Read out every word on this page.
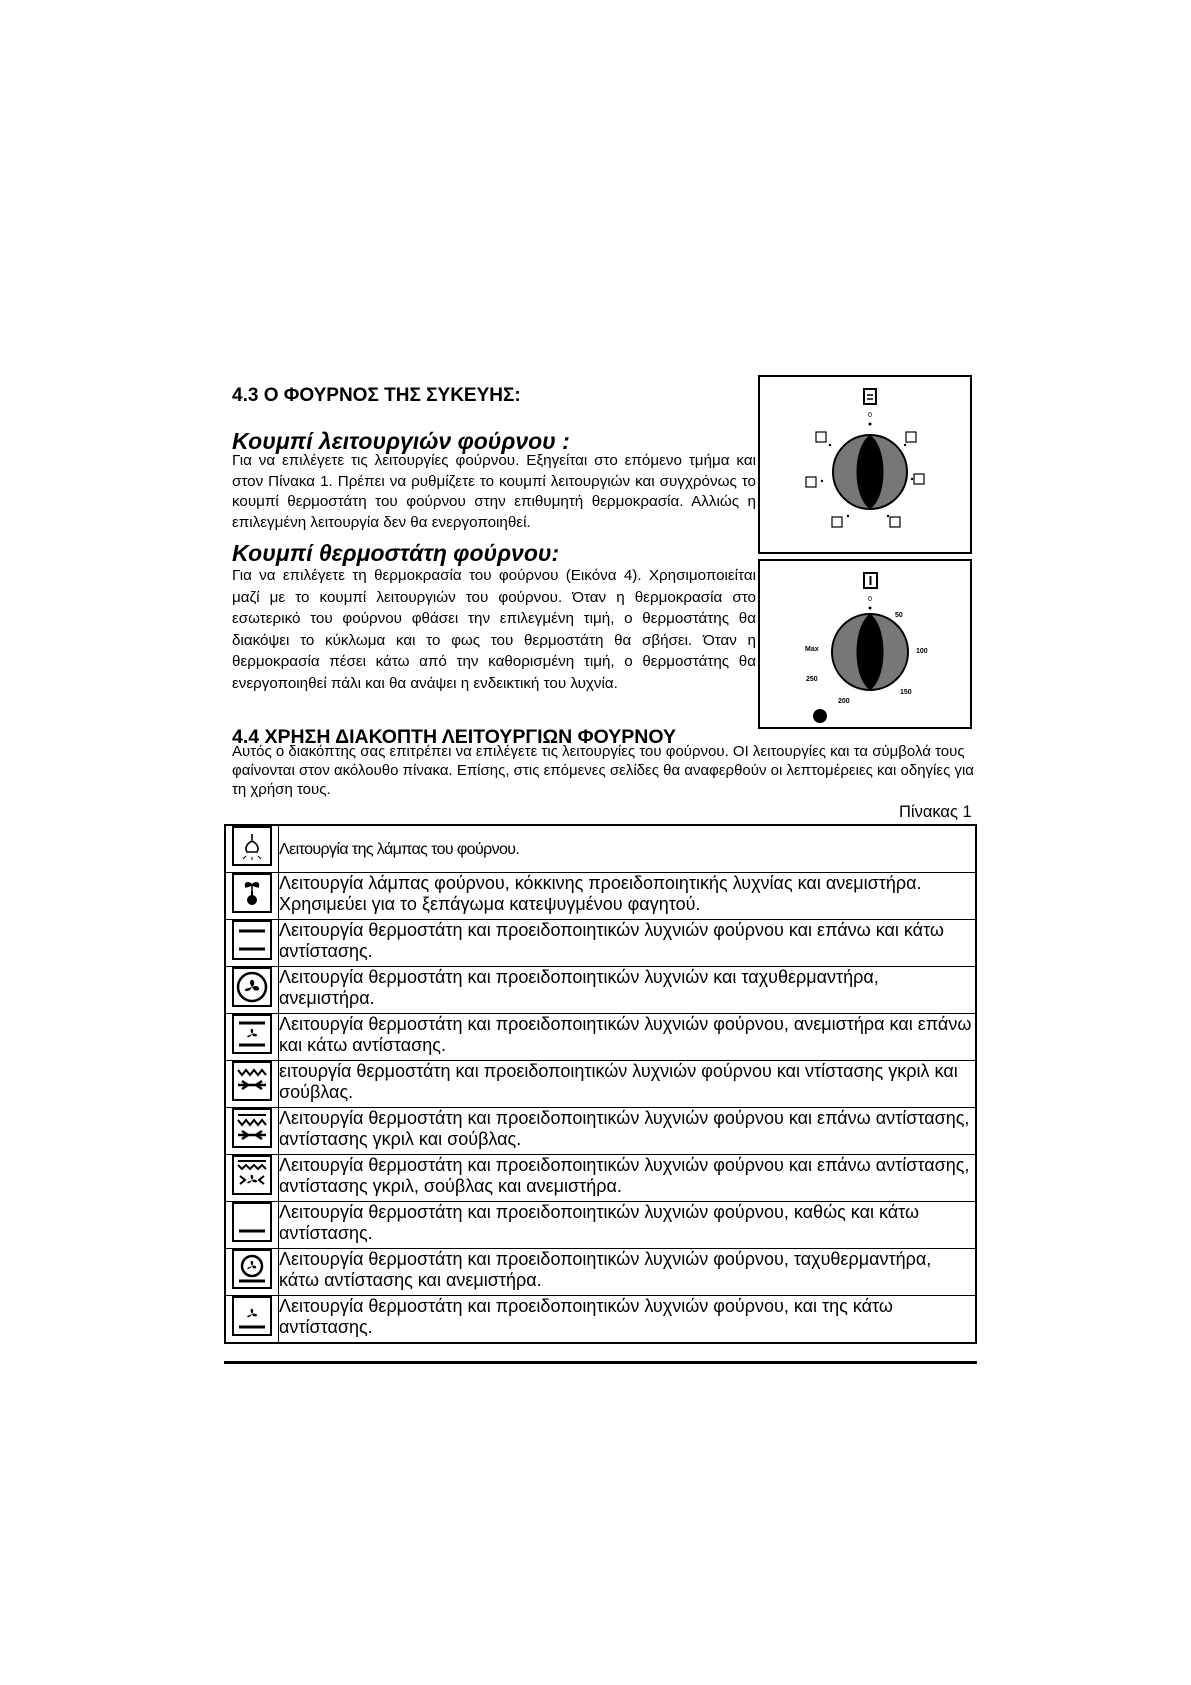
4.3 Ο ΦΟΥΡΝΟΣ ΤΗΣ ΣΥΚΕΥΗΣ:
Κουμπί λειτουργιών φούρνου :

Για να επιλέγετε τις λειτουργίες φούρνου. Εξηγείται στο επόμενο τμήμα και στον Πίνακα 1. Πρέπει να ρυθμίζετε το κουμπί λειτουργιών και συγχρόνως το κουμπί θερμοστάτη του φούρνου στην επιθυμητή θερμοκρασία. Αλλιώς η επιλεγμένη λειτουργία δεν θα ενεργοποιηθεί.

Κουμπί θερμοστάτη φούρνου:

Για να επιλέγετε τη θερμοκρασία του φούρνου (Εικόνα 4). Χρησιμοποιείται μαζί με το κουμπί λειτουργιών του φούρνου. Όταν η θερμοκρασία στο εσωτερικό του φούρνου φθάσει την επιλεγμένη τιμή, ο θερμοστάτης θα διακόψει το κύκλωμα και το φως του θερμοστάτη θα σβήσει. Όταν η θερμοκρασία πέσει κάτω από την καθορισμένη τιμή, ο θερμοστάτης θα ενεργοποιηθεί πάλι και θα ανάψει η ενδεικτική του λυχνία.

0
0
50
100
150
200
250
Max
4.4 ΧΡΗΣΗ ΔΙΑΚΟΠΤΗ ΛΕΙΤΟΥΡΓΙΩΝ ΦΟΥΡΝΟΥ

Αυτός ο διακόπτης σας επιτρέπει να επιλέγετε τις λειτουργίες του φούρνου. ΟΙ λειτουργίες και τα σύμβολά τους φαίνονται στον ακόλουθο πίνακα. Επίσης, στις επόμενες σελίδες θα αναφερθούν οι λεπτομέρειες και οδηγίες για τη χρήση τους.

Πίνακας 1
	Λειτουργία της λάμπας του φούρνου.
	Λειτουργία λάμπας φούρνου, κόκκινης προειδοποιητικής λυχνίας και ανεμιστήρα. Χρησιμεύει για το ξεπάγωμα κατεψυγμένου φαγητού.
	Λειτουργία θερμοστάτη και προειδοποιητικών λυχνιών φούρνου και επάνω και κάτω αντίστασης.
	Λειτουργία θερμοστάτη και προειδοποιητικών λυχνιών και ταχυθερμαντήρα, ανεμιστήρα.
	Λειτουργία θερμοστάτη και προειδοποιητικών λυχνιών φούρνου, ανεμιστήρα και επάνω και κάτω αντίστασης.
	ειτουργία θερμοστάτη και προειδοποιητικών λυχνιών φούρνου και ντίστασης γκριλ και σούβλας.
	Λειτουργία θερμοστάτη και προειδοποιητικών λυχνιών φούρνου και επάνω αντίστασης, αντίστασης γκριλ και σούβλας.
	Λειτουργία θερμοστάτη και προειδοποιητικών λυχνιών φούρνου και επάνω αντίστασης, αντίστασης γκριλ, σούβλας και ανεμιστήρα.
	Λειτουργία θερμοστάτη και προειδοποιητικών λυχνιών φούρνου, καθώς και κάτω αντίστασης.
	Λειτουργία θερμοστάτη και προειδοποιητικών λυχνιών φούρνου, ταχυθερμαντήρα, κάτω αντίστασης και ανεμιστήρα.
	Λειτουργία θερμοστάτη και προειδοποιητικών λυχνιών φούρνου, και της κάτω αντίστασης.
